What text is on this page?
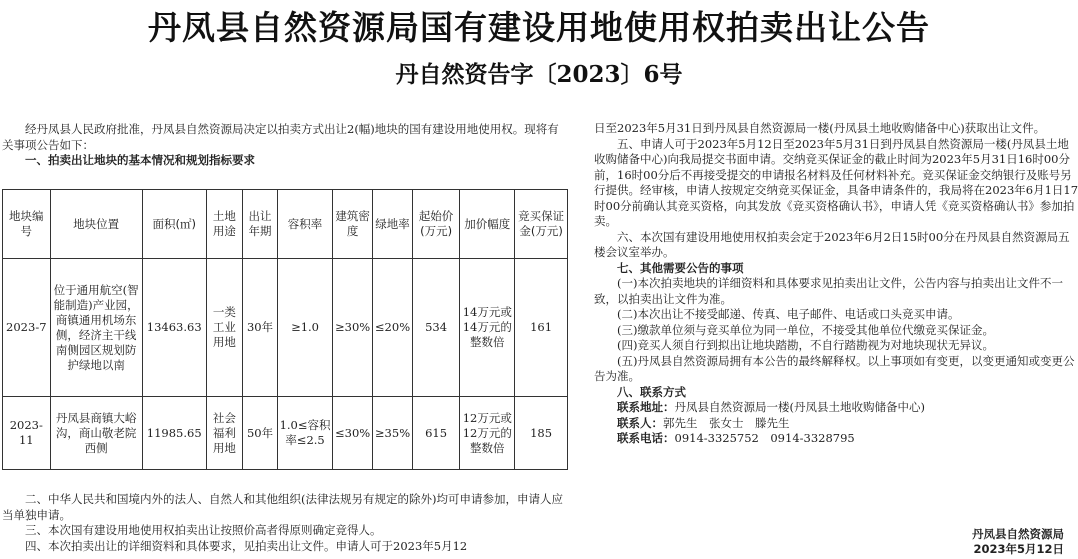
丹凤县自然资源局国有建设用地使用权拍卖出让公告
丹自然资告字〔2023〕6号

经丹凤县人民政府批准，丹凤县自然资源局决定以拍卖方式出让2(幅)地块的国有建设用地使用权。现将有关事项公告如下：

一、拍卖出让地块的基本情况和规划指标要求

地块编号	地块位置	面积(㎡)	土地用途	出让年期	容积率	建筑密度	绿地率	起始价(万元)	加价幅度	竞买保证金(万元)
2023-7	位于通用航空(智能制造)产业园，商镇通用机场东侧，经济主干线南侧园区规划防护绿地以南	13463.63	一类工业用地	30年	≥1.0	≥30%	≤20%	534	14万元或14万元的整数倍	161
2023-11	丹凤县商镇大峪沟，商山敬老院西侧	11985.65	社会福利用地	50年	1.0≤容积率≤2.5	≤30%	≥35%	615	12万元或12万元的整数倍	185

二、中华人民共和国境内外的法人、自然人和其他组织(法律法规另有规定的除外)均可申请参加，申请人应当单独申请。

三、本次国有建设用地使用权拍卖出让按照价高者得原则确定竞得人。

四、本次拍卖出让的详细资料和具体要求，见拍卖出让文件。申请人可于2023年5月12

日至2023年5月31日到丹凤县自然资源局一楼(丹凤县土地收购储备中心)获取出让文件。

五、申请人可于2023年5月12日至2023年5月31日到丹凤县自然资源局一楼(丹凤县土地收购储备中心)向我局提交书面申请。交纳竞买保证金的截止时间为2023年5月31日16时00分前，16时00分后不再接受提交的申请报名材料及任何材料补充。竞买保证金交纳银行及账号另行提供。经审核，申请人按规定交纳竞买保证金，具备申请条件的，我局将在2023年6月1日17时00分前确认其竞买资格，向其发放《竞买资格确认书》，申请人凭《竞买资格确认书》参加拍卖。

六、本次国有建设用地使用权拍卖会定于2023年6月2日15时00分在丹凤县自然资源局五楼会议室举办。

七、其他需要公告的事项

(一)本次拍卖地块的详细资料和具体要求见拍卖出让文件，公告内容与拍卖出让文件不一致，以拍卖出让文件为准。

(二)本次出让不接受邮递、传真、电子邮件、电话或口头竞买申请。

(三)缴款单位须与竞买单位为同一单位，不接受其他单位代缴竞买保证金。

(四)竞买人须自行到拟出让地块踏勘，不自行踏勘视为对地块现状无异议。

(五)丹凤县自然资源局拥有本公告的最终解释权。以上事项如有变更，以变更通知或变更公告为准。

八、联系方式

联系地址：丹凤县自然资源局一楼(丹凤县土地收购储备中心)

联系人：郭先生　张女士　滕先生

联系电话：0914-3325752　0914-3328795

丹凤县自然资源局
2023年5月12日
